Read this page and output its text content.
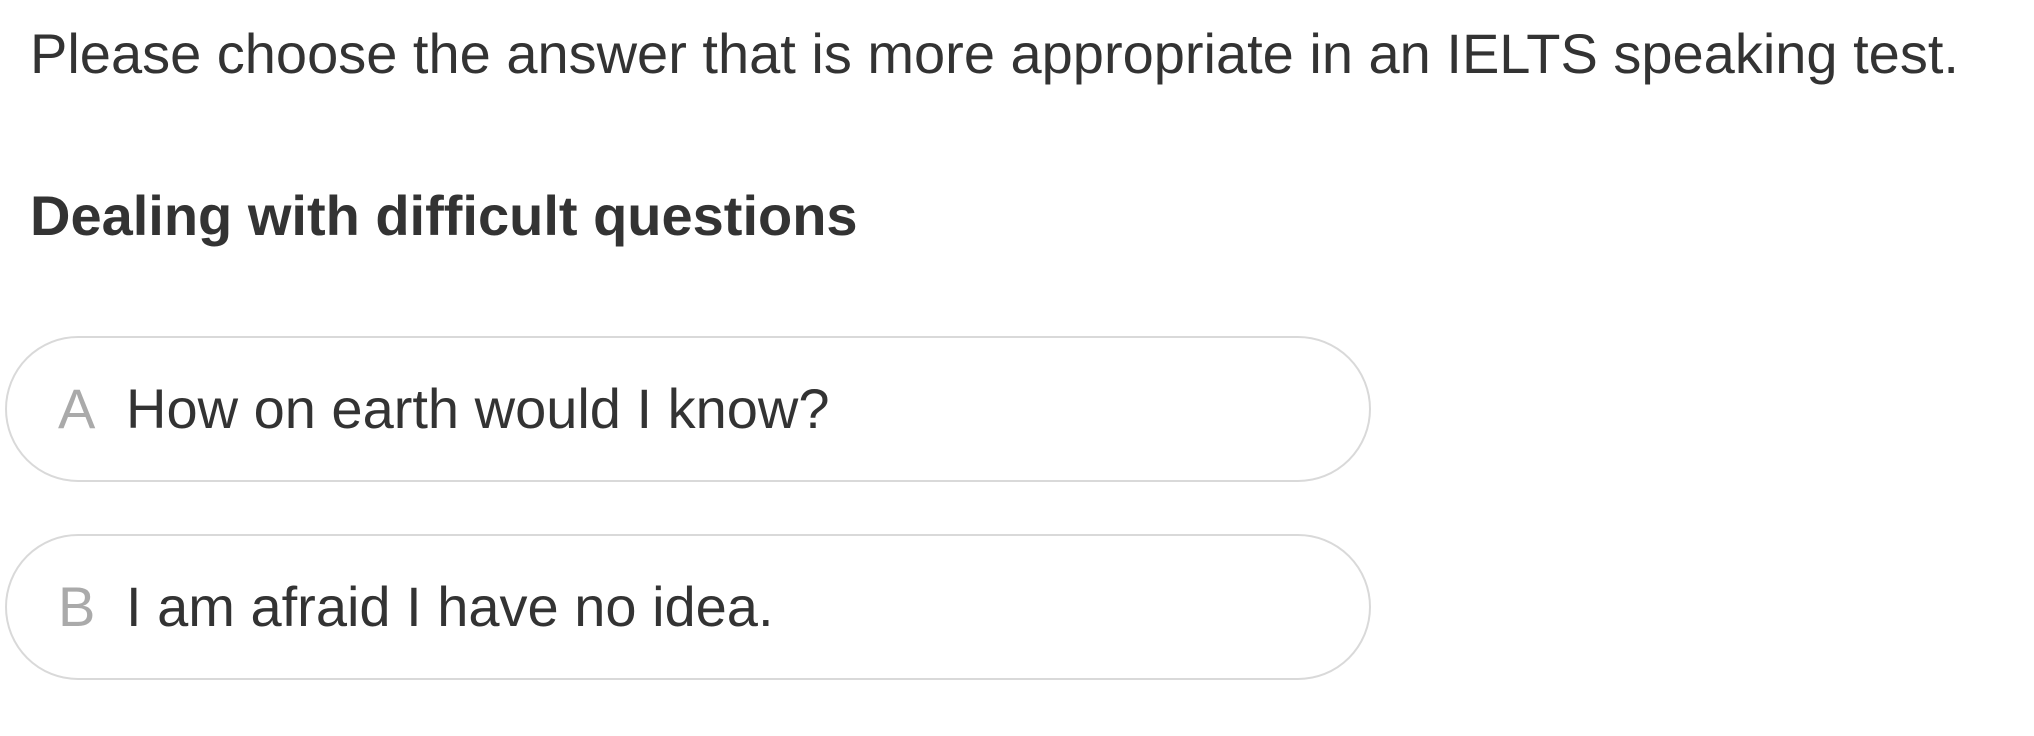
Please choose the answer that is more appropriate in an IELTS speaking test.
Dealing with difficult questions
A How on earth would I know?
B I am afraid I have no idea.
